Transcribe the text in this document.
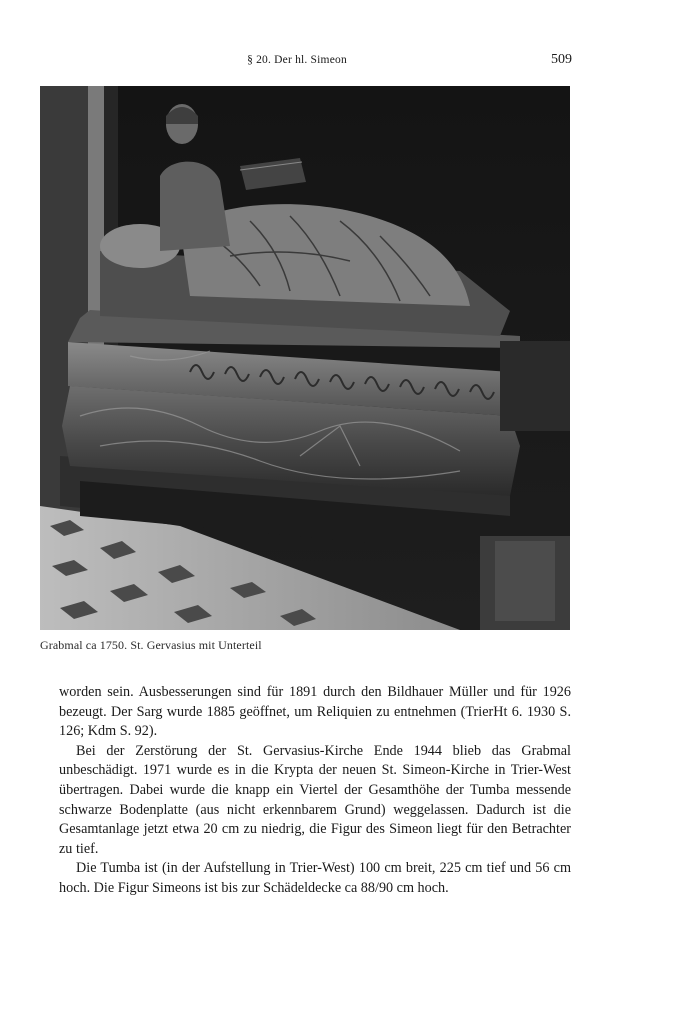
§ 20. Der hl. Simeon	509
Grabmal ca 1750. St. Gervasius mit Unterteil

worden sein. Ausbesserungen sind für 1891 durch den Bildhauer Müller und für 1926 bezeugt. Der Sarg wurde 1885 geöffnet, um Reliquien zu entnehmen (TrierHt 6. 1930 S. 126; Kdm S. 92).

Bei der Zerstörung der St. Gervasius-Kirche Ende 1944 blieb das Grabmal unbeschädigt. 1971 wurde es in die Krypta der neuen St. Simeon-Kirche in Trier-West übertragen. Dabei wurde die knapp ein Viertel der Gesamthöhe der Tumba messende schwarze Bodenplatte (aus nicht erkennbarem Grund) weggelassen. Dadurch ist die Gesamtanlage jetzt etwa 20 cm zu niedrig, die Figur des Simeon liegt für den Betrachter zu tief.

Die Tumba ist (in der Aufstellung in Trier-West) 100 cm breit, 225 cm tief und 56 cm hoch. Die Figur Simeons ist bis zur Schädeldecke ca 88/90 cm hoch.
